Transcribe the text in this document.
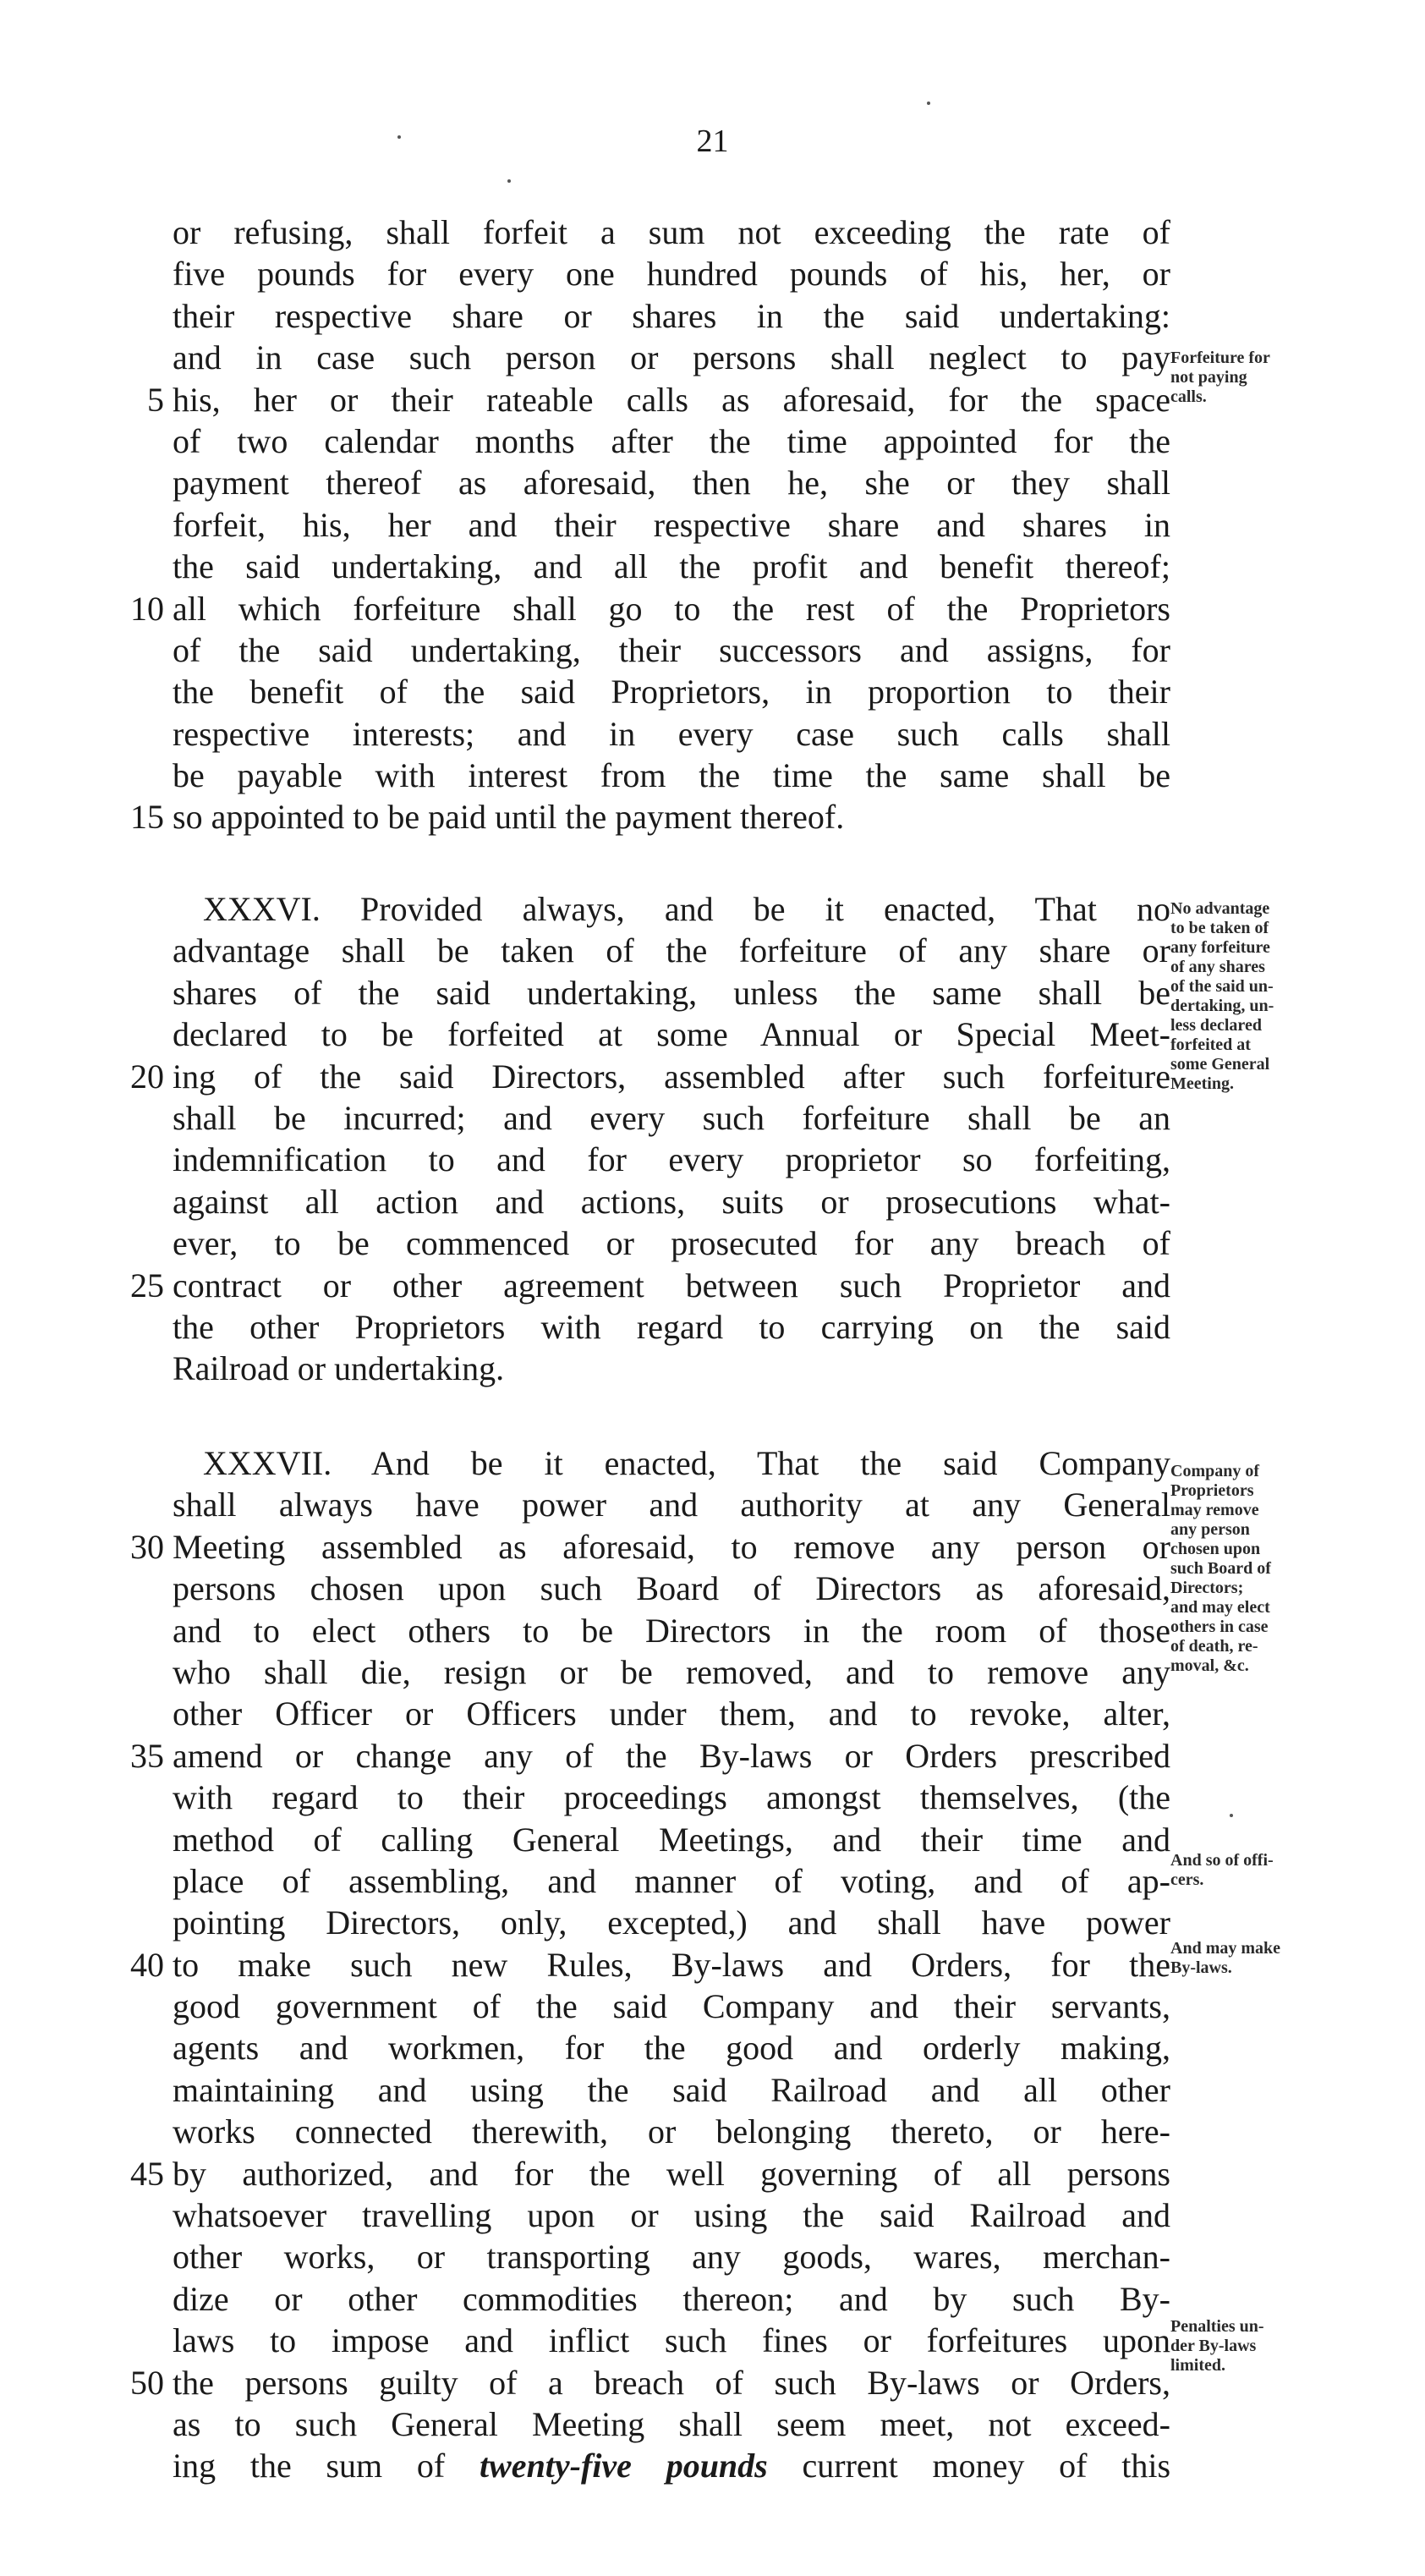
21
or refusing, shall forfeit a sum not exceeding the rate of
five pounds for every one hundred pounds of his, her, or
their respective share or shares in the said undertaking:
and in case such person or persons shall neglect to pay
5 his, her or their rateable calls as aforesaid, for the space
of two calendar months after the time appointed for the
payment thereof as aforesaid, then he, she or they shall
forfeit, his, her and their respective share and shares in
the said undertaking, and all the profit and benefit thereof;
10 all which forfeiture shall go to the rest of the Proprietors
of the said undertaking, their successors and assigns, for
the benefit of the said Proprietors, in proportion to their
respective interests; and in every case such calls shall
be payable with interest from the time the same shall be
15 so appointed to be paid until the payment thereof.
XXXVI. Provided always, and be it enacted, That no
advantage shall be taken of the forfeiture of any share or
shares of the said undertaking, unless the same shall be
declared to be forfeited at some Annual or Special Meet-
20 ing of the said Directors, assembled after such forfeiture
shall be incurred; and every such forfeiture shall be an
indemnification to and for every proprietor so forfeiting,
against all action and actions, suits or prosecutions what-
ever, to be commenced or prosecuted for any breach of
25 contract or other agreement between such Proprietor and
the other Proprietors with regard to carrying on the said
Railroad or undertaking.
XXXVII. And be it enacted, That the said Company
shall always have power and authority at any General
30 Meeting assembled as aforesaid, to remove any person or
persons chosen upon such Board of Directors as aforesaid,
and to elect others to be Directors in the room of those
who shall die, resign or be removed, and to remove any
other Officer or Officers under them, and to revoke, alter,
35 amend or change any of the By-laws or Orders prescribed
with regard to their proceedings amongst themselves, (the
method of calling General Meetings, and their time and
place of assembling, and manner of voting, and of ap-
pointing Directors, only, excepted,) and shall have power
40 to make such new Rules, By-laws and Orders, for the
good government of the said Company and their servants,
agents and workmen, for the good and orderly making,
maintaining and using the said Railroad and all other
works connected therewith, or belonging thereto, or here-
45 by authorized, and for the well governing of all persons
whatsoever travelling upon or using the said Railroad and
other works, or transporting any goods, wares, merchan-
dize or other commodities thereon; and by such By-
laws to impose and inflict such fines or forfeitures upon
50 the persons guilty of a breach of such By-laws or Orders,
as to such General Meeting shall seem meet, not exceed-
ing the sum of twenty-five pounds current money of this
Forfeiture for
not paying
calls.
No advantage
to be taken of
any forfeiture
of any shares
of the said un-
dertaking, un-
less declared
forfeited at
some General
Meeting.
Company of
Proprietors
may remove
any person
chosen upon
such Board of
Directors;
and may elect
others in case
of death, re-
moval, &c.
And so of offi-
cers.
And may make
By-laws.
Penalties un-
der By-laws
limited.
